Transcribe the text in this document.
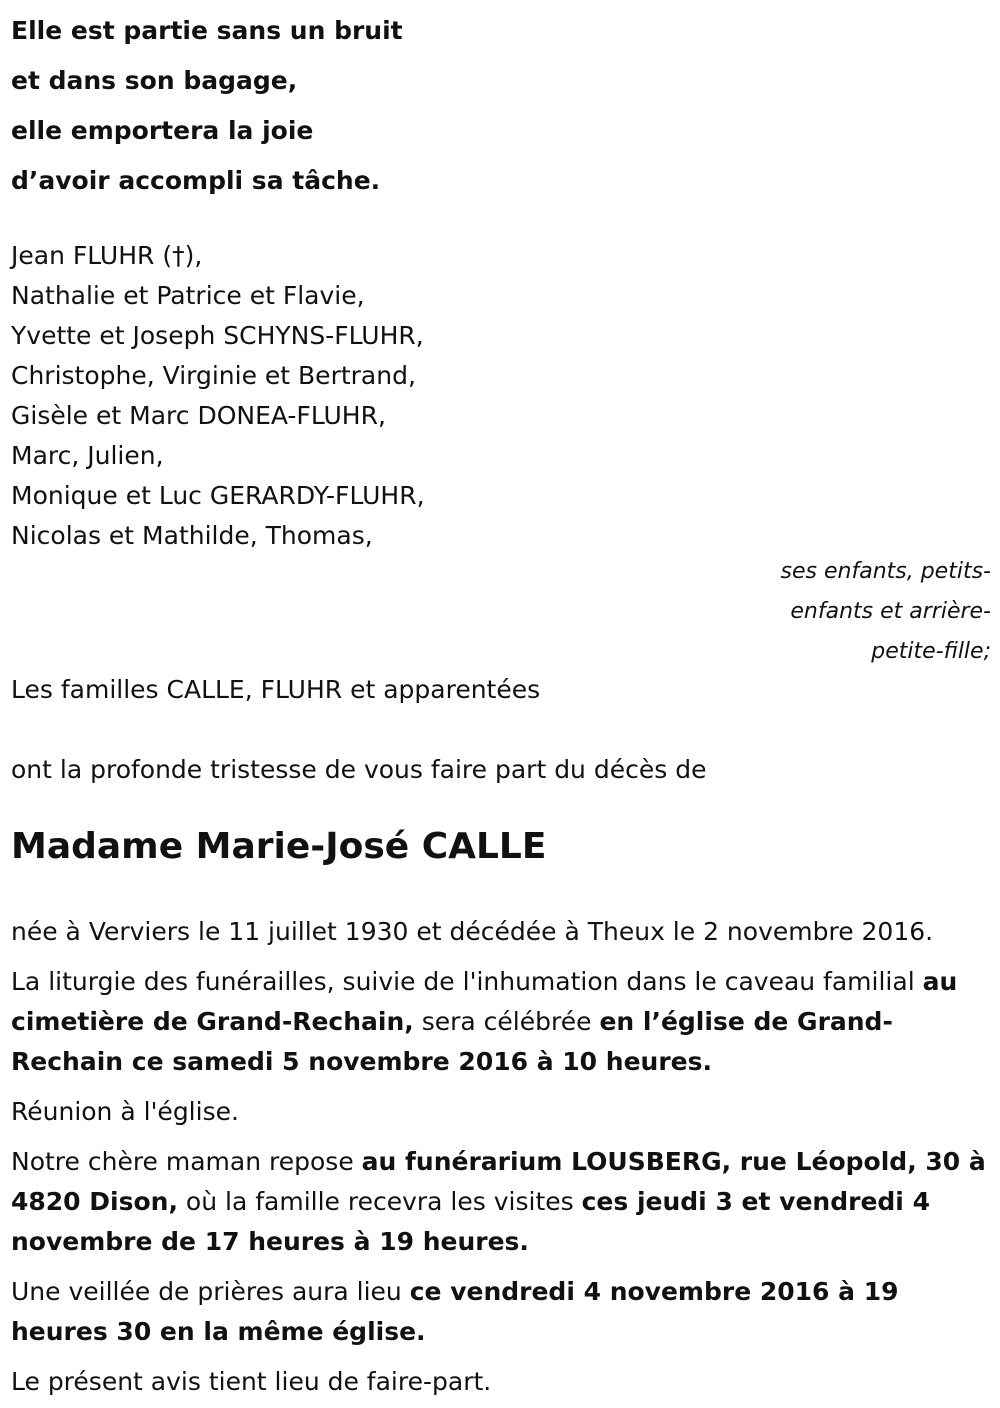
Elle est partie sans un bruit
et dans son bagage,
elle emportera la joie
d’avoir accompli sa tâche.
Jean FLUHR (†),
Nathalie et Patrice et Flavie,
Yvette et Joseph SCHYNS-FLUHR,
Christophe, Virginie et Bertrand,
Gisèle et Marc DONEA-FLUHR,
Marc, Julien,
Monique et Luc GERARDY-FLUHR,
Nicolas et Mathilde, Thomas,
ses enfants, petits-
enfants et arrière-
petite-fille;
Les familles CALLE, FLUHR et apparentées
ont la profonde tristesse de vous faire part du décès de
Madame Marie-José CALLE

née à Verviers le 11 juillet 1930 et décédée à Theux le 2 novembre 2016.

La liturgie des funérailles, suivie de l'inhumation dans le caveau familial au cimetière de Grand-Rechain, sera célébrée en l’église de Grand-Rechain ce samedi 5 novembre 2016 à 10 heures.

Réunion à l'église.

Notre chère maman repose au funérarium LOUSBERG, rue Léopold, 30 à 4820 Dison, où la famille recevra les visites ces jeudi 3 et vendredi 4 novembre de 17 heures à 19 heures.

Une veillée de prières aura lieu ce vendredi 4 novembre 2016 à 19 heures 30 en la même église.

Le présent avis tient lieu de faire-part.
